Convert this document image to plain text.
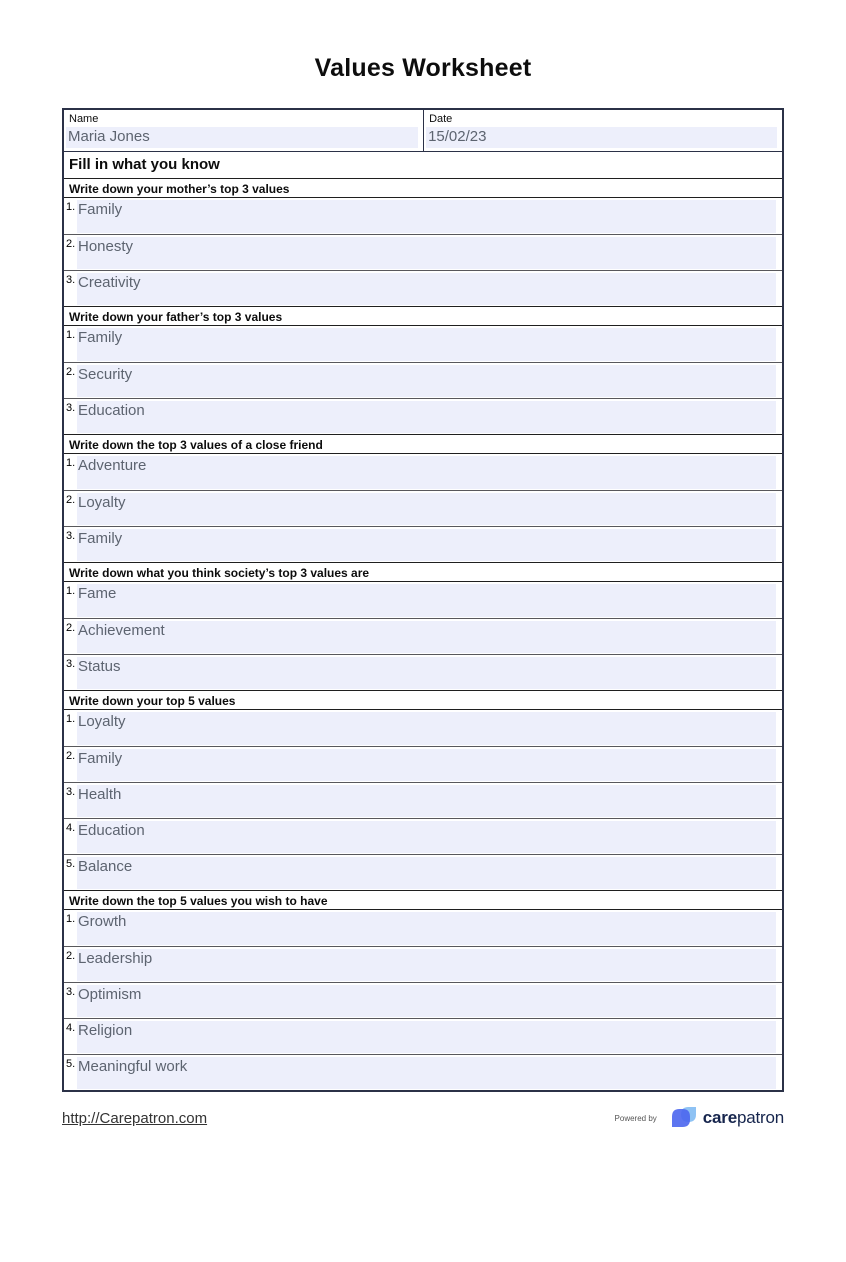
Values Worksheet
Name
Maria Jones
Date
15/02/23
Fill in what you know
Write down your mother’s top 3 values
1. Family
2. Honesty
3. Creativity
Write down your father’s top 3 values
1. Family
2. Security
3. Education
Write down the top 3 values of a close friend
1. Adventure
2. Loyalty
3. Family
Write down what you think society’s top 3 values are
1. Fame
2. Achievement
3. Status
Write down your top 5 values
1. Loyalty
2. Family
3. Health
4. Education
5. Balance
Write down the top 5 values you wish to have
1. Growth
2. Leadership
3. Optimism
4. Religion
5. Meaningful work
http://Carepatron.com	Powered by	carepatron
